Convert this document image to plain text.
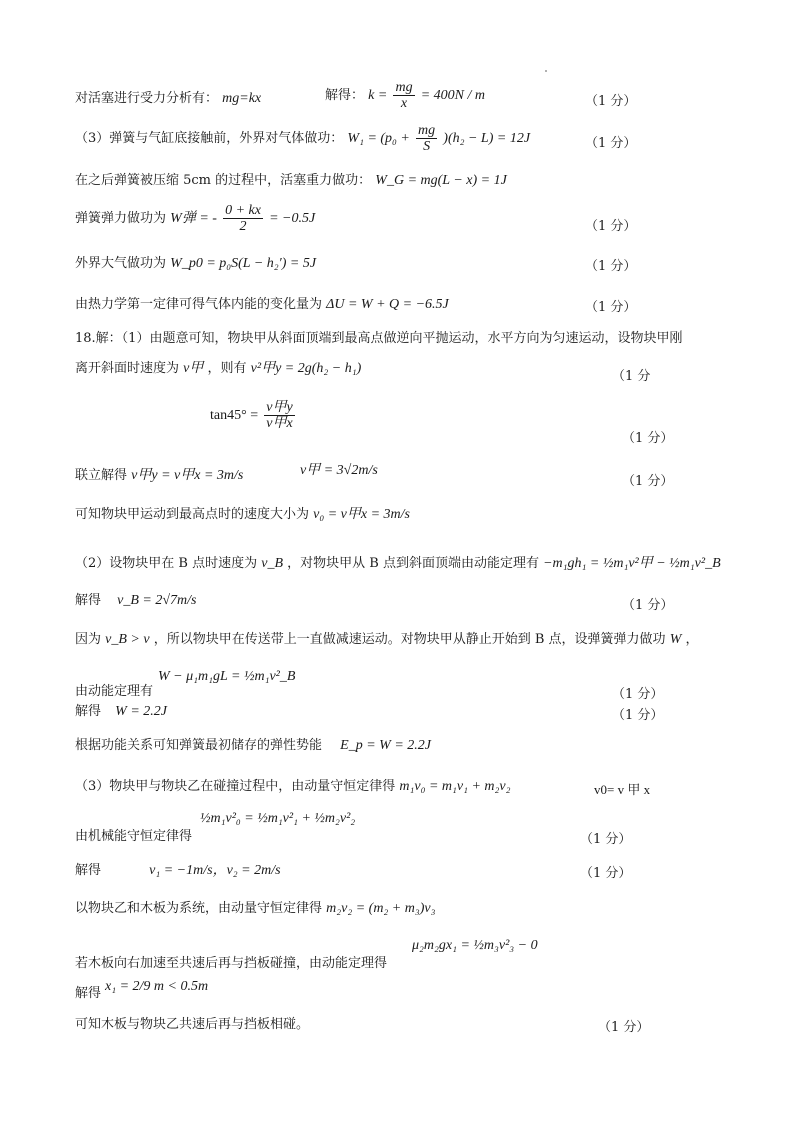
对活塞进行受力分析有： mg=kx	解得： $k = \frac{mg}{x} = 400N / m$	（1 分）
（3）弹簧与气缸底接触前，外界对气体做功： $W_1 = (p_0 + \frac{mg}{S} )(h_2 - L) = 12J$	（1 分）
在之后弹簧被压缩 5cm 的过程中，活塞重力做功： W_G = mg(L − x) = 1J
弹簧弹力做功为 W弹 = - $\frac{0 + kx}{2} = -0.5J$
（1 分）
外界大气做功为 W_p0 = p₀S(L − h₂′) = 5J	（1 分）
由热力学第一定律可得气体内能的变化量为 ΔU = W + Q = −6.5J	（1 分）
18.解：（1）由题意可知，物块甲从斜面顶端到最高点做逆向平抛运动，水平方向为匀速运动，设物块甲刚
离开斜面时速度为 v甲 ，则有 v²甲y = 2g(h₂ − h₁)
（1 分
$\tan 45^\circ = \frac{\text{v甲y}}{\text{v甲x}}$
（1 分）
联立解得 v甲y = v甲x = 3m/s	v甲 = 3√2m/s
（1 分）
可知物块甲运动到最高点时的速度大小为 v₀ = v甲x = 3m/s
（2）设物块甲在 B 点时速度为 v_B ，对物块甲从 B 点到斜面顶端由动能定理有 −m₁gh₁ = ½m₁v²甲 − ½m₁v²_B
解得 v_B = 2√7m/s	（1 分）
因为 v_B > v ，所以物块甲在传送带上一直做减速运动。对物块甲从静止开始到 B 点，设弹簧弹力做功 W ，
W − μ₁m₁gL = ½m₁v²_B
由动能定理有	（1 分）
解得 W = 2.2J	（1 分）
根据功能关系可知弹簧最初储存的弹性势能 E_p = W = 2.2J
（3）物块甲与物块乙在碰撞过程中，由动量守恒定律得 m₁v₀ = m₁v₁ + m₂v₂	v0= v 甲 x
½m₁v²₀ = ½m₁v²₁ + ½m₂v²₂
由机械能守恒定律得	（1 分）
解得	v₁ = −1m/s，v₂ = 2m/s	（1 分）
以物块乙和木板为系统，由动量守恒定律得 m₂v₂ = (m₂ + m₃)v₃
μ₂m₂gx₁ = ½m₃v²₃ − 0
若木板向右加速至共速后再与挡板碰撞，由动能定理得
解得 x₁ = 2/9 m < 0.5m
可知木板与物块乙共速后再与挡板相碰。	（1 分）
